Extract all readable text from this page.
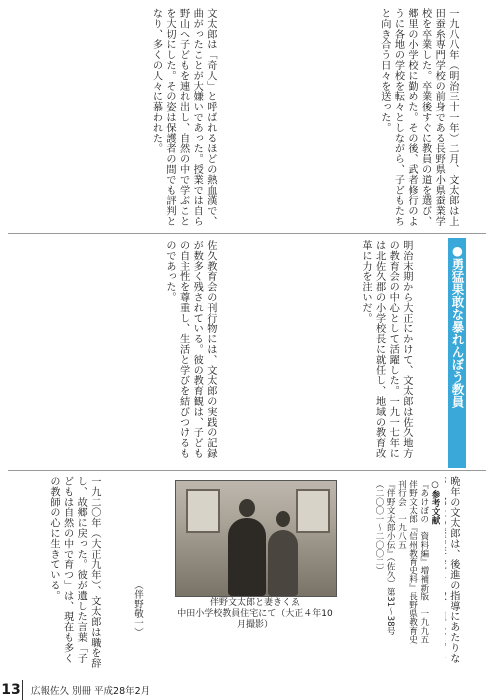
一九八八年（明治三十一年）二月、文太郎は上田蚕糸専門学校の前身である長野県小県蚕業学校を卒業した。卒業後すぐに教員の道を選び、郷里の小学校に勤めた。その後、武者修行のように各地の学校を転々としながら、子どもたちと向き合う日々を送った。

文太郎は「奇人」と呼ばれるほどの熱血漢で、曲がったことが大嫌いであった。授業では自ら野山へ子どもを連れ出し、自然の中で学ぶことを大切にした。その姿は保護者の間でも評判となり、多くの人々に慕われた。

●勇猛果敢な暴れんぼう教員

明治末期から大正にかけて、文太郎は佐久地方の教育会の中心として活躍した。一九一七年には北佐久郡の小学校長に就任し、地域の教育改革に力を注いだ。

佐久教育会の刊行物には、文太郎の実践の記録が数多く残されている。彼の教育観は、子どもの自主性を尊重し、生活と学びを結びつけるものであった。

晩年の文太郎は、後進の指導にあたりな

○参考文献
『あけぼの　資料編』増補新版　一九九五
伴野文太郎『信州教育史料』長野県教育史刊行会　一九八五
『伴野文太郎小伝』（佐久）第31〜38号（二〇〇一〜二〇〇二）
伴野文太郎と妻きくゑ
中田小学校教員住宅にて（大正４年10月撮影）
（伴野敬一）

一九二〇年（大正九年）、文太郎は職を辞し、故郷に戻った。彼が遺した言葉「子どもは自然の中で育つ」は、現在も多くの教師の心に生きている。

13 広報佐久 別冊 平成28年2月
